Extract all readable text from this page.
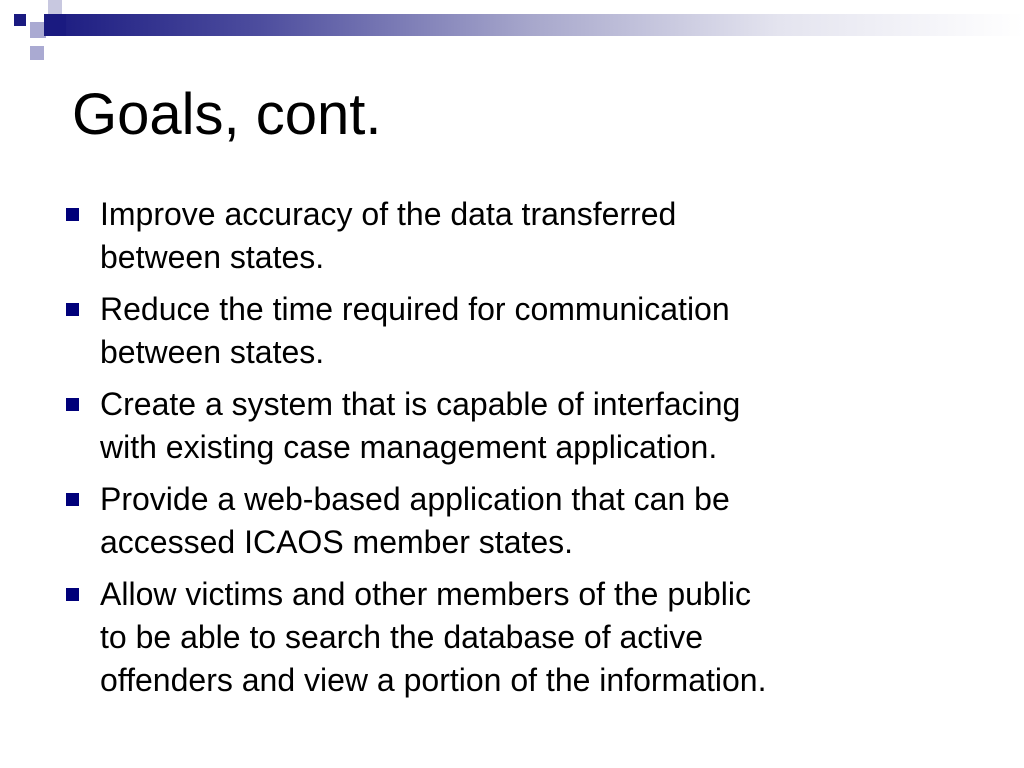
Goals, cont.
Improve accuracy of the data transferred
between states.
Reduce the time required for communication
between states.
Create a system that is capable of interfacing
with existing case management application.
Provide a web-based application that can be
accessed ICAOS member states.
Allow victims and other members of the public
to be able to search the database of active
offenders and view a portion of the information.
